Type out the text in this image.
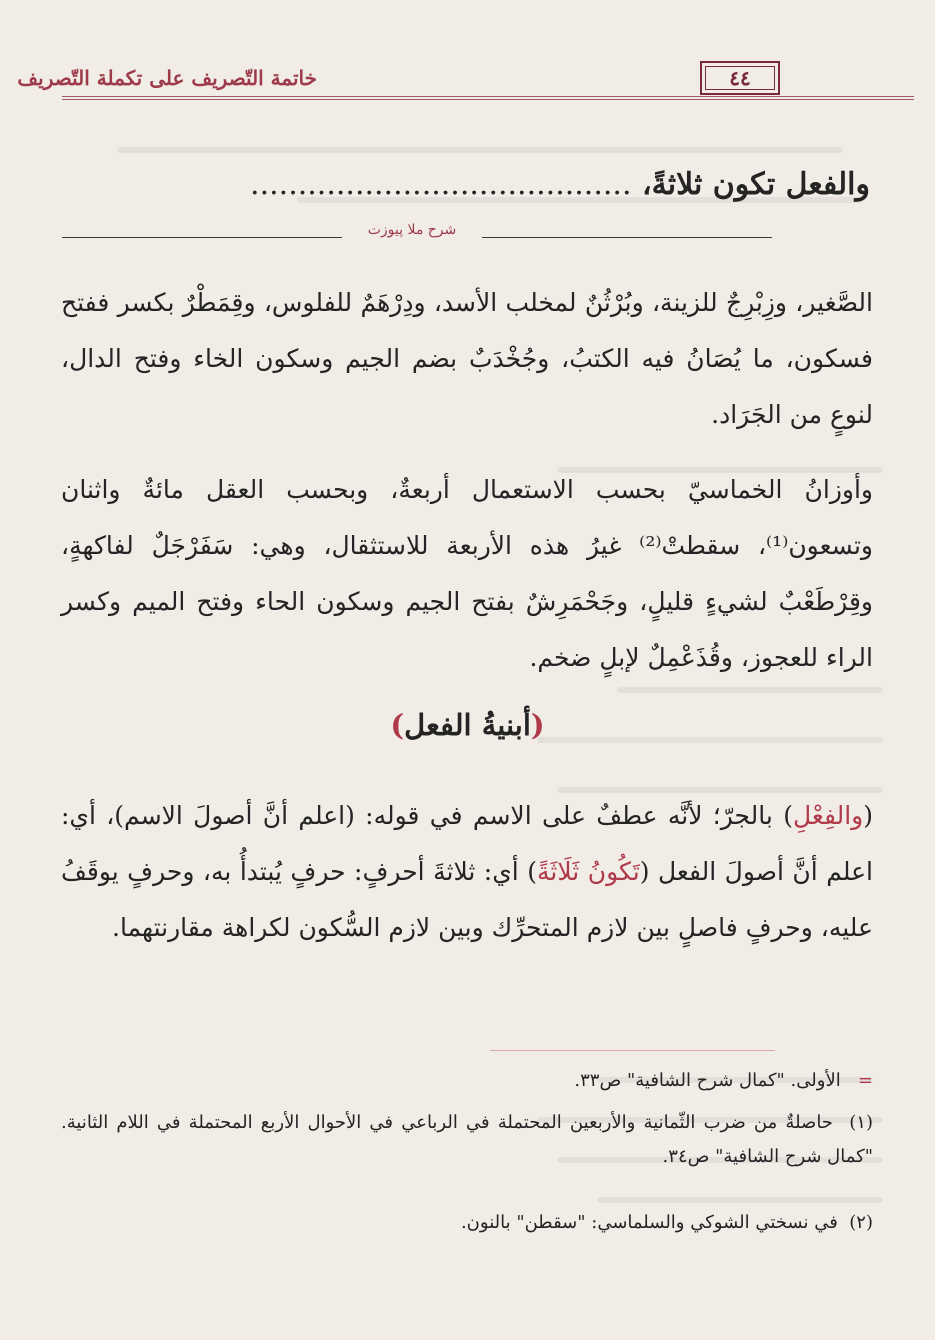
خاتمة التّصريف على تكملة التّصريف	٤٤
والفعل تكون ثلاثةً، ........................................
شرح ملا پيوزت
الصَّغير، وزِبْرِجٌ للزينة، وبُرْثُنٌ لمخلب الأسد، ودِرْهَمٌ للفلوس، وقِمَطْرٌ بكسر ففتح فسكون، ما يُصَانُ فيه الكتبُ، وجُخْدَبٌ بضم الجيم وسكون الخاء وفتح الدال، لنوعٍ من الجَرَاد.
وأوزانُ الخماسيّ بحسب الاستعمال أربعةٌ، وبحسب العقل مائةٌ واثنان وتسعون⁽¹⁾، سقطتْ⁽²⁾ غيرُ هذه الأربعة للاستثقال، وهي: سَفَرْجَلٌ لفاكهةٍ، وقِرْطَعْبٌ لشيءٍ قليلٍ، وجَحْمَرِشٌ بفتح الجيم وسكون الحاء وفتح الميم وكسر الراء للعجوز، وقُذَعْمِلٌ لإبلٍ ضخم.
(أبنيةُ الفعل)
(والفِعْلِ) بالجرّ؛ لأنَّه عطفٌ على الاسم في قوله: (اعلم أنَّ أصولَ الاسم)، أي: اعلم أنَّ أصولَ الفعل (تَكُونُ ثَلَاثَةً) أي: ثلاثةَ أحرفٍ: حرفٍ يُبتدأُ به، وحرفٍ يوقَفُ عليه، وحرفٍ فاصلٍ بين لازم المتحرِّك وبين لازم السُّكون لكراهة مقارنتهما.
=   الأولى. "كمال شرح الشافية" ص٣٣.
(١)  حاصلةٌ من ضرب الثّمانية والأربعين المحتملة في الرباعي في الأحوال الأربع المحتملة في اللام الثانية. "كمال شرح الشافية" ص٣٤.
(٢)  في نسختي الشوكي والسلماسي: "سقطن" بالنون.
